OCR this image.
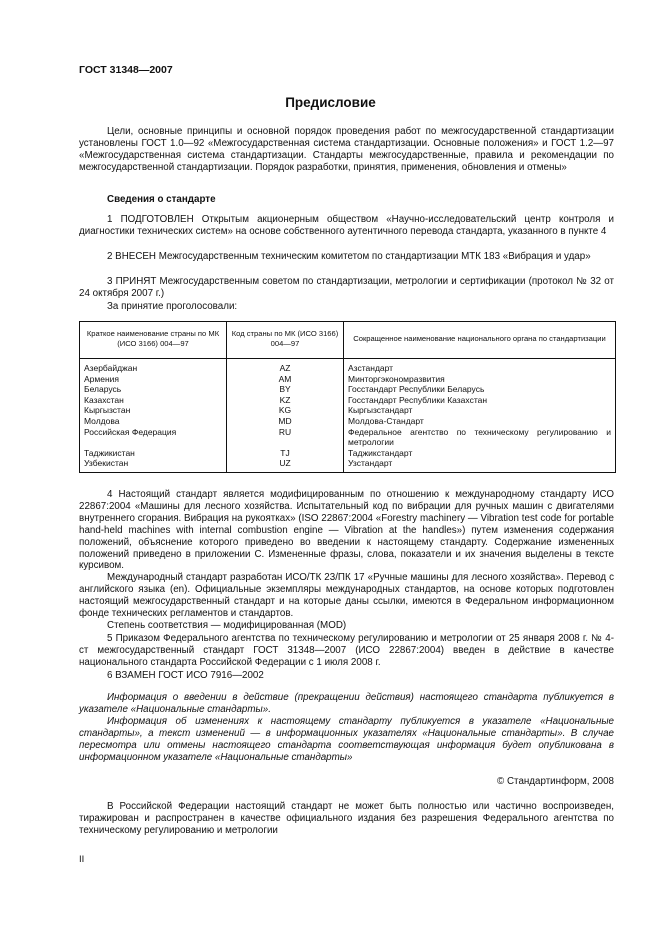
ГОСТ 31348—2007
Предисловие

Цели, основные принципы и основной порядок проведения работ по межгосударственной стандартизации установлены ГОСТ 1.0—92 «Межгосударственная система стандартизации. Основные положения» и ГОСТ 1.2—97 «Межгосударственная система стандартизации. Стандарты межгосударственные, правила и рекомендации по межгосударственной стандартизации. Порядок разработки, принятия, применения, обновления и отмены»

Сведения о стандарте

1 ПОДГОТОВЛЕН Открытым акционерным обществом «Научно-исследовательский центр контроля и диагностики технических систем» на основе собственного аутентичного перевода стандарта, указанного в пункте 4

2 ВНЕСЕН Межгосударственным техническим комитетом по стандартизации МТК 183 «Вибрация и удар»

3 ПРИНЯТ Межгосударственным советом по стандартизации, метрологии и сертификации (протокол № 32 от 24 октября 2007 г.)

За принятие проголосовали:

Краткое наименование страны по МК (ИСО 3166) 004—97	Код страны по МК (ИСО 3166) 004—97	Сокращенное наименование национального органа по стандартизации
Азербайджан	AZ	Азстандарт
Армения	AM	Минторгэкономразвития
Беларусь	BY	Госстандарт Республики Беларусь
Казахстан	KZ	Госстандарт Республики Казахстан
Кыргызстан	KG	Кыргызстандарт
Молдова	MD	Молдова-Стандарт
Российская Федерация	RU	Федеральное агентство по техническому регулированию и метрологии
Таджикистан	TJ	Таджикстандарт
Узбекистан	UZ	Узстандарт

4 Настоящий стандарт является модифицированным по отношению к международному стандарту ИСО 22867:2004 «Машины для лесного хозяйства. Испытательный код по вибрации для ручных машин с двигателями внутреннего сгорания. Вибрация на рукоятках» (ISO 22867:2004 «Forestry machinery — Vibration test code for portable hand-held machines with internal combustion engine — Vibration at the handles») путем изменения содержания положений, объяснение которого приведено во введении к настоящему стандарту. Содержание измененных положений приведено в приложении С. Измененные фразы, слова, показатели и их значения выделены в тексте курсивом.

Международный стандарт разработан ИСО/ТК 23/ПК 17 «Ручные машины для лесного хозяйства». Перевод с английского языка (en). Официальные экземпляры международных стандартов, на основе которых подготовлен настоящий межгосударственный стандарт и на которые даны ссылки, имеются в Федеральном информационном фонде технических регламентов и стандартов.

Степень соответствия — модифицированная (MOD)

5 Приказом Федерального агентства по техническому регулированию и метрологии от 25 января 2008 г. № 4-ст межгосударственный стандарт ГОСТ 31348—2007 (ИСО 22867:2004) введен в действие в качестве национального стандарта Российской Федерации с 1 июля 2008 г.

6 ВЗАМЕН ГОСТ ИСО 7916—2002

Информация о введении в действие (прекращении действия) настоящего стандарта публикуется в указателе «Национальные стандарты».

Информация об изменениях к настоящему стандарту публикуется в указателе «Национальные стандарты», а текст изменений — в информационных указателях «Национальные стандарты». В случае пересмотра или отмены настоящего стандарта соответствующая информация будет опубликована в информационном указателе «Национальные стандарты»

© Стандартинформ, 2008

В Российской Федерации настоящий стандарт не может быть полностью или частично воспроизведен, тиражирован и распространен в качестве официального издания без разрешения Федерального агентства по техническому регулированию и метрологии

II
